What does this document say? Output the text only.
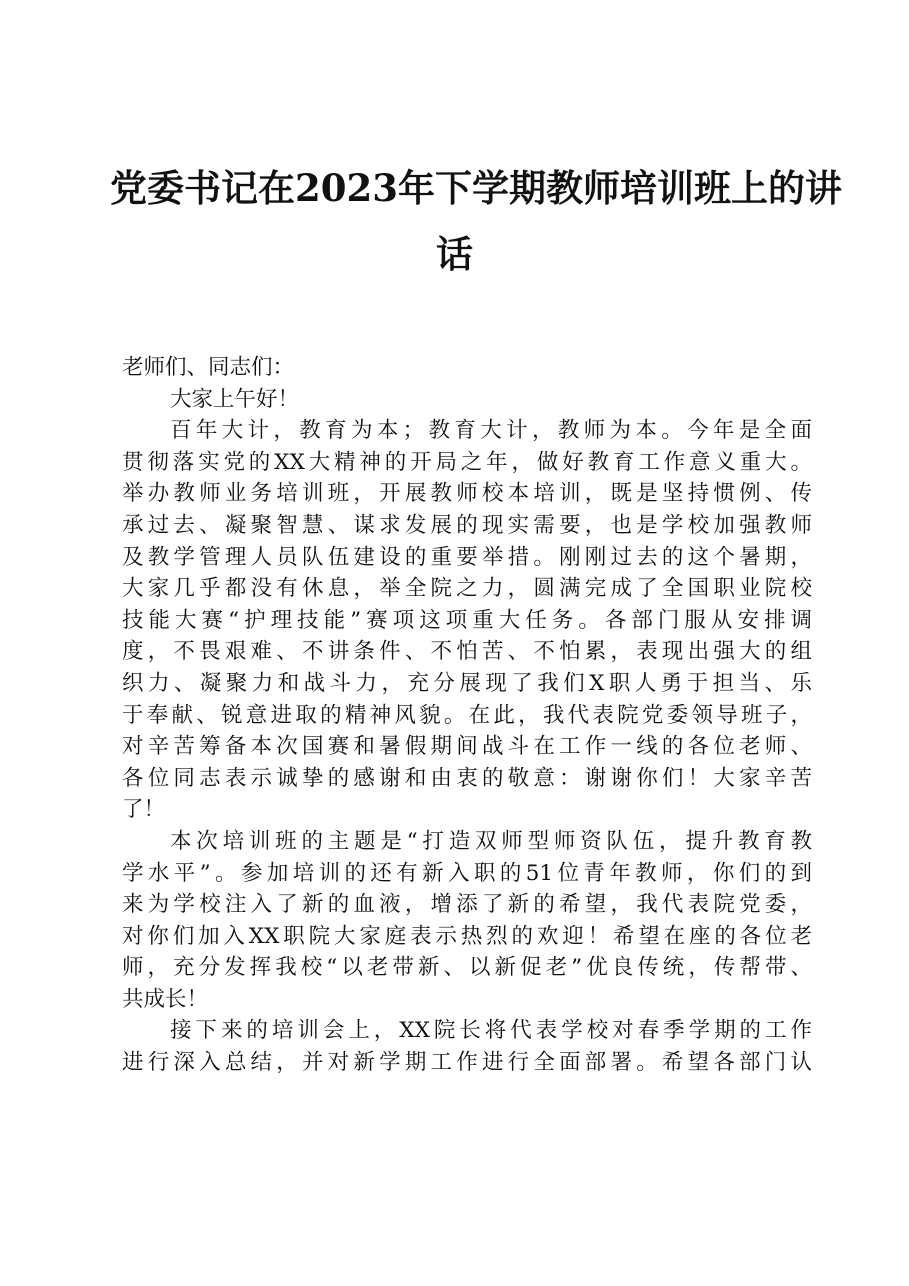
党委书记在2023年下学期教师培训班上的讲
话
老师们、同志们：
大家上午好！
百年大计，教育为本；教育大计，教师为本。今年是全面
贯彻落实党的XX大精神的开局之年，做好教育工作意义重大。
举办教师业务培训班，开展教师校本培训，既是坚持惯例、传
承过去、凝聚智慧、谋求发展的现实需要，也是学校加强教师
及教学管理人员队伍建设的重要举措。刚刚过去的这个暑期，
大家几乎都没有休息，举全院之力，圆满完成了全国职业院校
技能大赛“护理技能”赛项这项重大任务。各部门服从安排调
度，不畏艰难、不讲条件、不怕苦、不怕累，表现出强大的组
织力、凝聚力和战斗力，充分展现了我们X职人勇于担当、乐
于奉献、锐意进取的精神风貌。在此，我代表院党委领导班子，
对辛苦筹备本次国赛和暑假期间战斗在工作一线的各位老师、
各位同志表示诚挚的感谢和由衷的敬意：谢谢你们！大家辛苦
了！
本次培训班的主题是“打造双师型师资队伍，提升教育教
学水平”。参加培训的还有新入职的51位青年教师，你们的到
来为学校注入了新的血液，增添了新的希望，我代表院党委，
对你们加入XX职院大家庭表示热烈的欢迎！希望在座的各位老
师，充分发挥我校“以老带新、以新促老”优良传统，传帮带、
共成长！
接下来的培训会上，XX院长将代表学校对春季学期的工作
进行深入总结，并对新学期工作进行全面部署。希望各部门认
